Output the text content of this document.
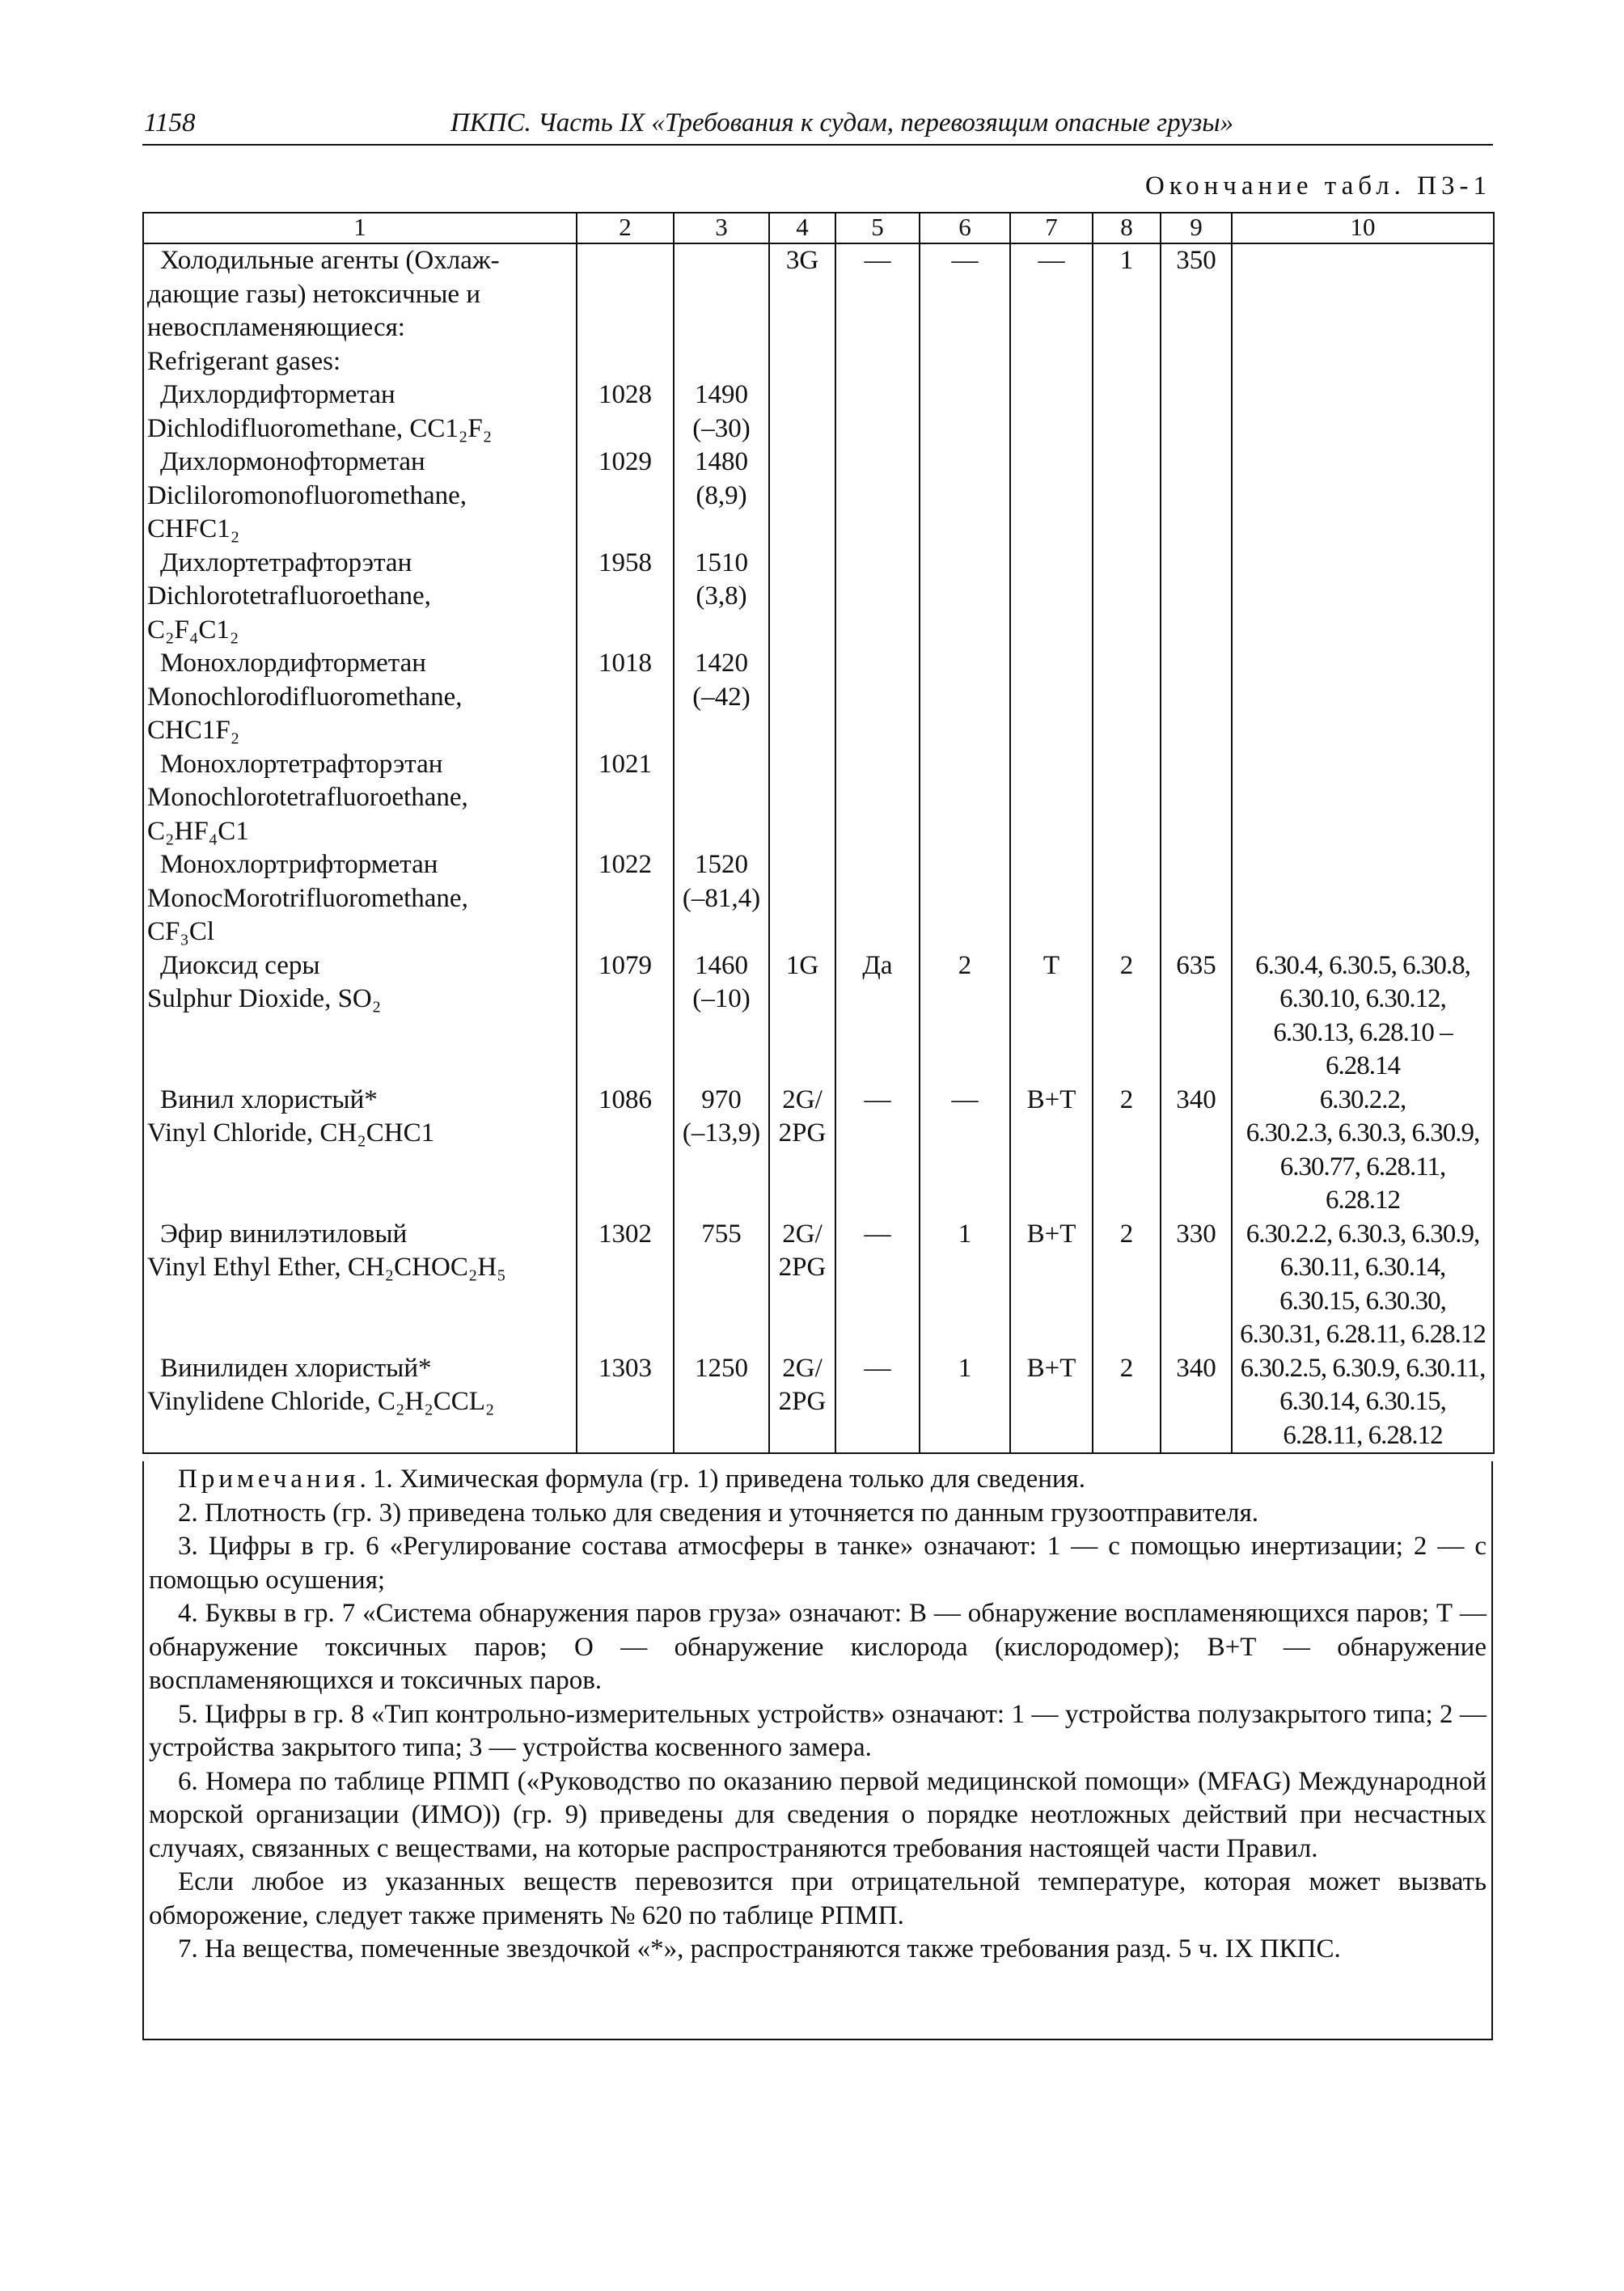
1158	ПКПС. Часть IX «Требования к судам, перевозящим опасные грузы»
Окончание табл. П3-1
1	2	3	4	5	6	7	8	9	10

Холодильные агенты (Охлаж-
дающие газы) нетоксичные и
невоспламеняющиеся:
Refrigerant gases:			3G	—	—	—	1	350	

Дихлордифторметан
Dichlodifluoromethane, CC1₂F₂	1028	1490
(–30)							

Дихлормонофторметан
Dicliloromonofluoromethane,
CHFC1₂	1029	1480
(8,9)							

Дихлортетрафторэтан
Dichlorotetrafluoroethane,
C₂F₄C1₂	1958	1510
(3,8)							

Монохлордифторметан
Monochlorodifluoromethane,
CHC1F₂	1018	1420
(–42)							

Монохлортетрафторэтан
Monochlorotetrafluoroethane,
C₂HF₄C1	1021								

Монохлортрифторметан
MonocMorotrifluoromethane,
CF₃Cl	1022	1520
(–81,4)							

Диоксид серы
Sulphur Dioxide, SO₂	1079	1460
(–10)	1G	Да	2	T	2	635	6.30.4, 6.30.5, 6.30.8,
6.30.10, 6.30.12,
6.30.13, 6.28.10 –
6.28.14

Винил хлористый*
Vinyl Chloride, CH₂CHC1	1086	970
(–13,9)	2G/
2PG	—	—	B+T	2	340	6.30.2.2,
6.30.2.3, 6.30.3, 6.30.9,
6.30.77, 6.28.11,
6.28.12

Эфир винилэтиловый
Vinyl Ethyl Ether, CH₂CHOC₂H₅	1302	755	2G/
2PG	—	1	B+T	2	330	6.30.2.2, 6.30.3, 6.30.9,
6.30.11, 6.30.14,
6.30.15, 6.30.30,
6.30.31, 6.28.11, 6.28.12

Винилиден хлористый*
Vinylidene Chloride, C₂H₂CCL₂	1303	1250	2G/
2PG	—	1	B+T	2	340	6.30.2.5, 6.30.9, 6.30.11,
6.30.14, 6.30.15,
6.28.11, 6.28.12

Примечания. 1. Химическая формула (гр. 1) приведена только для сведения.

2. Плотность (гр. 3) приведена только для сведения и уточняется по данным грузоотправителя.

3. Цифры в гр. 6 «Регулирование состава атмосферы в танке» означают: 1 — с помощью инертизации; 2 — с помощью осушения;

4. Буквы в гр. 7 «Система обнаружения паров груза» означают: В — обнаружение воспламеняющихся паров; Т — обнаружение токсичных паров; О — обнаружение кислорода (кислородомер); В+Т — обнаружение воспламеняющихся и токсичных паров.

5. Цифры в гр. 8 «Тип контрольно-измерительных устройств» означают: 1 — устройства полузакрытого типа; 2 — устройства закрытого типа; 3 — устройства косвенного замера.

6. Номера по таблице РПМП («Руководство по оказанию первой медицинской помощи» (MFAG) Международной морской организации (ИМО)) (гр. 9) приведены для сведения о порядке неотложных действий при несчастных случаях, связанных с веществами, на которые распространяются требования настоящей части Правил.

Если любое из указанных веществ перевозится при отрицательной температуре, которая может вызвать обморожение, следует также применять № 620 по таблице РПМП.

7. На вещества, помеченные звездочкой «*», распространяются также требования разд. 5 ч. IX ПКПС.
